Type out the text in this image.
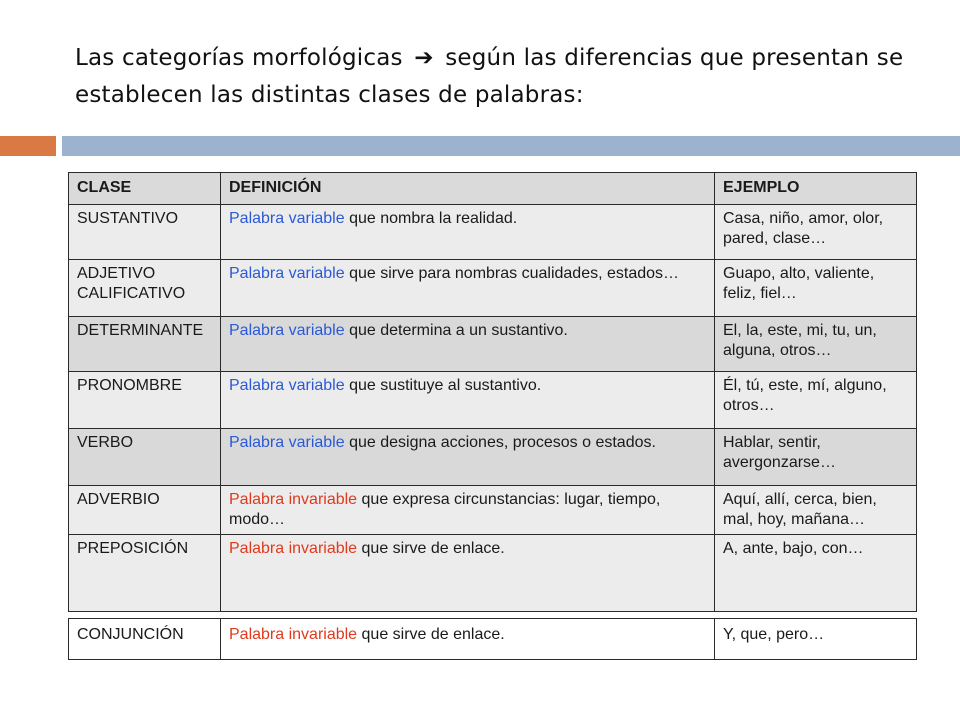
Las categorías morfológicas ➔ según las diferencias que presentan se establecen las distintas clases de palabras:
CLASE	DEFINICIÓN	EJEMPLO
SUSTANTIVO	Palabra variable que nombra la realidad.	Casa, niño, amor, olor, pared, clase…
ADJETIVO CALIFICATIVO	Palabra variable que sirve para nombras cualidades, estados…	Guapo, alto, valiente, feliz, fiel…
DETERMINANTE	Palabra variable que determina a un sustantivo.	El, la, este, mi, tu, un, alguna, otros…
PRONOMBRE	Palabra variable que sustituye al sustantivo.	Él, tú, este, mí, alguno, otros…
VERBO	Palabra variable que designa acciones, procesos o estados.	Hablar, sentir, avergonzarse…
ADVERBIO	Palabra invariable que expresa circunstancias: lugar, tiempo, modo…	Aquí, allí, cerca, bien, mal, hoy, mañana…
PREPOSICIÓN	Palabra invariable que sirve de enlace.	A, ante, bajo, con…
CONJUNCIÓN	Palabra invariable que sirve de enlace.	Y, que, pero…
